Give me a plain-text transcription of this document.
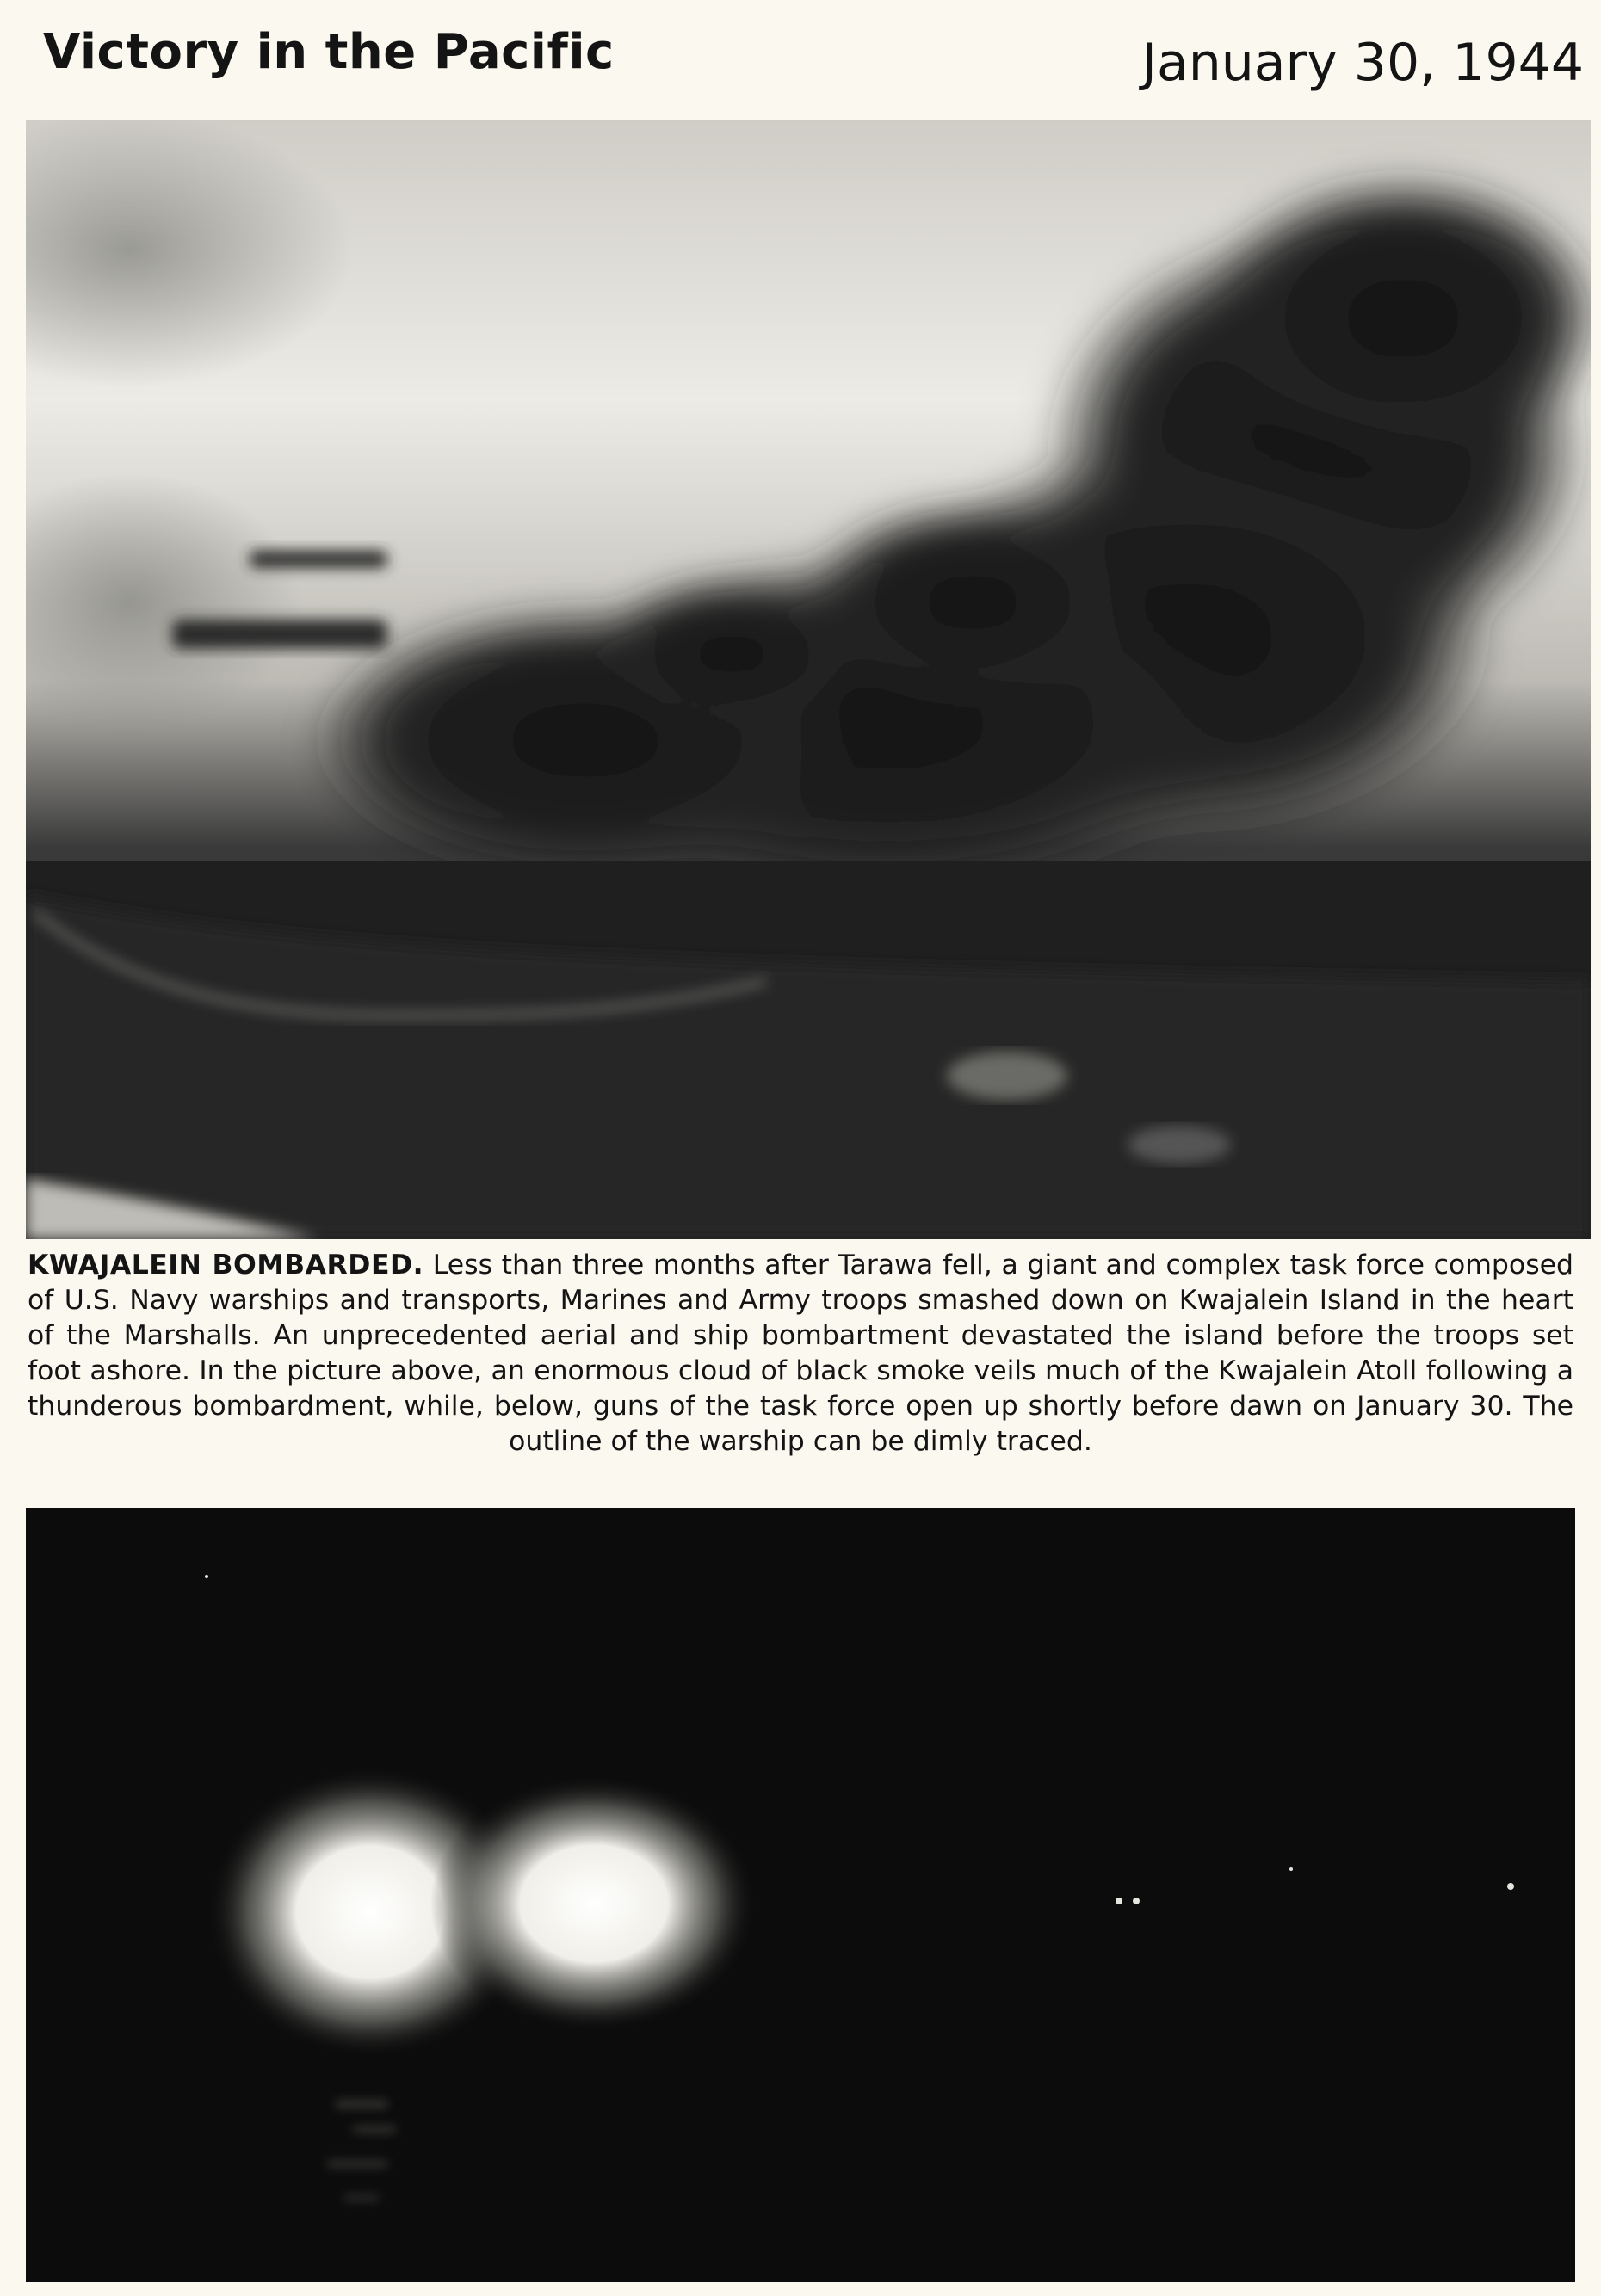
Victory in the Pacific	January 30, 1944

KWAJALEIN BOMBARDED. Less than three months after Tarawa fell, a giant and complex task force composed of U.S. Navy warships and transports, Marines and Army troops smashed down on Kwajalein Island in the heart of the Marshalls. An unprecedented aerial and ship bombartment devastated the island before the troops set foot ashore. In the picture above, an enormous cloud of black smoke veils much of the Kwajalein Atoll following a thunderous bombardment, while, below, guns of the task force open up shortly before dawn on January 30. The outline of the warship can be dimly traced.
